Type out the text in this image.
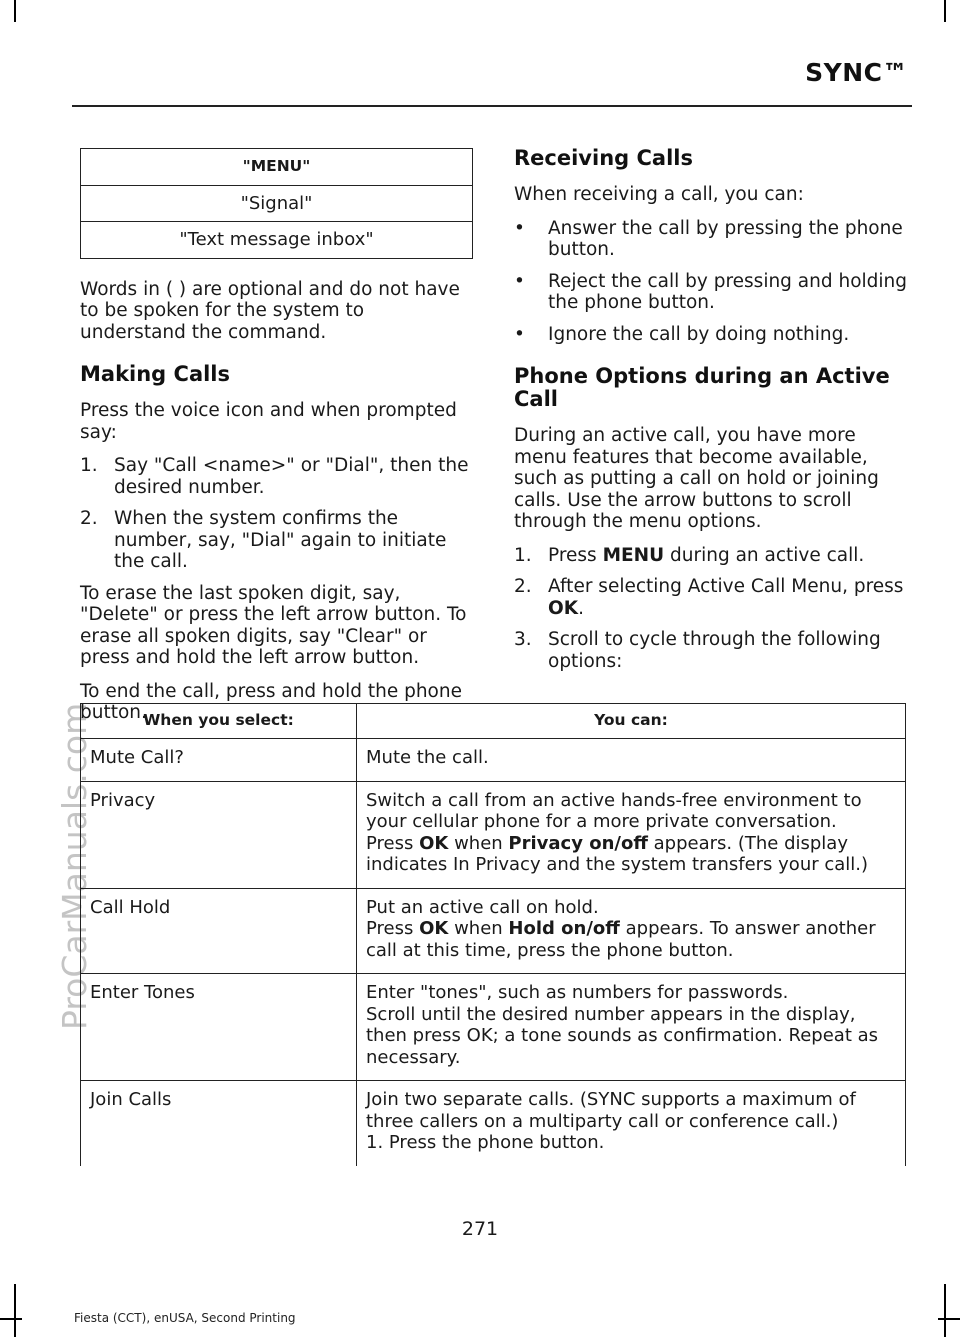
SYNC™
ProCarManuals.com
"MENU"
"Signal"
"Text message inbox"

Words in ( ) are optional and do not have to be spoken for the system to understand the command.

Making Calls

Press the voice icon and when prompted say:

1. Say "Call <name>" or "Dial", then the desired number.
2. When the system confirms the number, say, "Dial" again to initiate the call.

To erase the last spoken digit, say, "Delete" or press the left arrow button. To erase all spoken digits, say "Clear" or press and hold the left arrow button.

To end the call, press and hold the phone button.

Receiving Calls

When receiving a call, you can:

• Answer the call by pressing the phone button.
• Reject the call by pressing and holding the phone button.
• Ignore the call by doing nothing.
Phone Options during an Active Call

During an active call, you have more menu features that become available, such as putting a call on hold or joining calls. Use the arrow buttons to scroll through the menu options.

1. Press MENU during an active call.
2. After selecting Active Call Menu, press OK.
3. Scroll to cycle through the following options:
When you select:	You can:
Mute Call?	Mute the call.
Privacy	Switch a call from an active hands-free environment to your cellular phone for a more private conversation.
Press OK when Privacy on/off appears. (The display indicates In Privacy and the system transfers your call.)

Call Hold	Put an active call on hold.
Press OK when Hold on/off appears. To answer another call at this time, press the phone button.

Enter Tones	Enter "tones", such as numbers for passwords.
Scroll until the desired number appears in the display, then press OK; a tone sounds as confirmation. Repeat as necessary.

Join Calls	Join two separate calls. (SYNC supports a maximum of three callers on a multiparty call or conference call.)
1. Press the phone button.
271
Fiesta (CCT), enUSA, Second Printing
